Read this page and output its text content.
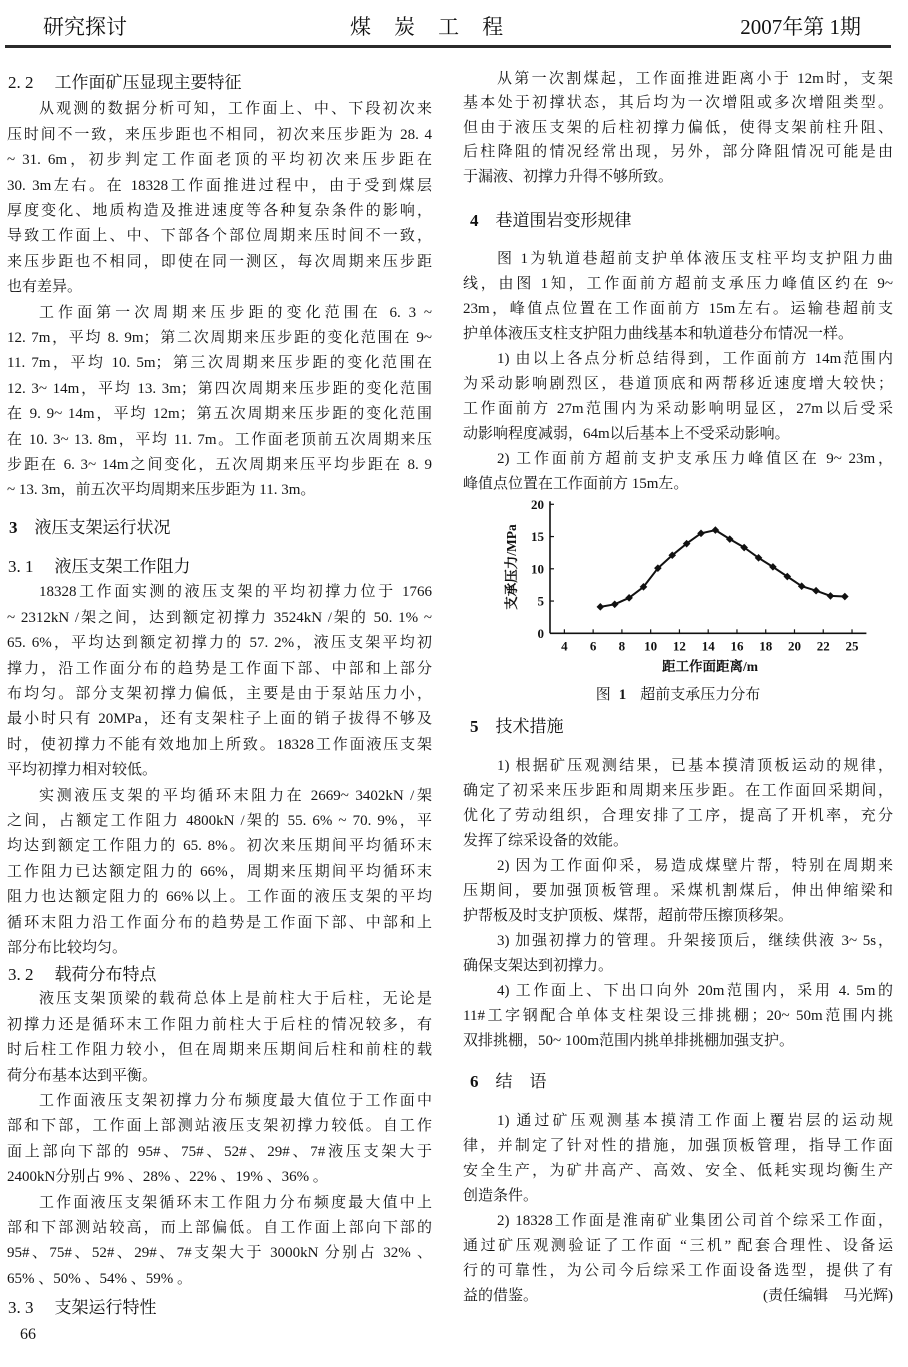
研究探讨	煤 炭 工 程	2007年第 1期
2. 2 工作面矿压显现主要特征
从观测的数据分析可知，工作面上、中、下段初次来
压时间不一致，来压步距也不相同，初次来压步距为 28. 4
~ 31. 6m，初步判定工作面老顶的平均初次来压步距在
30. 3m左右。在 18328工作面推进过程中，由于受到煤层
厚度变化、地质构造及推进速度等各种复杂条件的影响，
导致工作面上、中、下部各个部位周期来压时间不一致，
来压步距也不相同，即使在同一测区，每次周期来压步距
也有差异。
工作面第一次周期来压步距的变化范围在 6. 3 ~
12. 7m，平均 8. 9m；第二次周期来压步距的变化范围在 9~
11. 7m，平均 10. 5m；第三次周期来压步距的变化范围在
12. 3~ 14m，平均 13. 3m；第四次周期来压步距的变化范围
在 9. 9~ 14m，平均 12m；第五次周期来压步距的变化范围
在 10. 3~ 13. 8m，平均 11. 7m。工作面老顶前五次周期来压
步距在 6. 3~ 14m之间变化，五次周期来压平均步距在 8. 9
~ 13. 3m，前五次平均周期来压步距为 11. 3m。
3 液压支架运行状况
3. 1 液压支架工作阻力
18328工作面实测的液压支架的平均初撑力位于 1766
~ 2312kN /架之间，达到额定初撑力 3524kN /架的 50. 1% ~
65. 6%，平均达到额定初撑力的 57. 2%，液压支架平均初
撑力，沿工作面分布的趋势是工作面下部、中部和上部分
布均匀。部分支架初撑力偏低，主要是由于泵站压力小，
最小时只有 20MPa，还有支架柱子上面的销子拔得不够及
时，使初撑力不能有效地加上所致。18328工作面液压支架
平均初撑力相对较低。
实测液压支架的平均循环末阻力在 2669~ 3402kN /架
之间，占额定工作阻力 4800kN /架的 55. 6% ~ 70. 9%，平
均达到额定工作阻力的 65. 8%。初次来压期间平均循环末
工作阻力已达额定阻力的 66%，周期来压期间平均循环末
阻力也达额定阻力的 66%以上。工作面的液压支架的平均
循环末阻力沿工作面分布的趋势是工作面下部、中部和上
部分布比较均匀。
3. 2 载荷分布特点
液压支架顶梁的载荷总体上是前柱大于后柱，无论是
初撑力还是循环末工作阻力前柱大于后柱的情况较多，有
时后柱工作阻力较小，但在周期来压期间后柱和前柱的载
荷分布基本达到平衡。
工作面液压支架初撑力分布频度最大值位于工作面中
部和下部，工作面上部测站液压支架初撑力较低。自工作
面上部向下部的 95#、75#、52#、29#、7#液压支架大于
2400kN分别占 9% 、28% 、22% 、19% 、36% 。
工作面液压支架循环末工作阻力分布频度最大值中上
部和下部测站较高，而上部偏低。自工作面上部向下部的
95#、75#、52#、29#、7#支架大于 3000kN 分别占 32% 、
65% 、50% 、54% 、59% 。
3. 3 支架运行特性
66
从第一次割煤起，工作面推进距离小于 12m时，支架
基本处于初撑状态，其后均为一次增阻或多次增阻类型。
但由于液压支架的后柱初撑力偏低，使得支架前柱升阻、
后柱降阻的情况经常出现，另外，部分降阻情况可能是由
于漏液、初撑力升得不够所致。
4 巷道围岩变形规律
图 1为轨道巷超前支护单体液压支柱平均支护阻力曲
线，由图 1知，工作面前方超前支承压力峰值区约在 9~
23m，峰值点位置在工作面前方 15m左右。运输巷超前支
护单体液压支柱支护阻力曲线基本和轨道巷分布情况一样。
1) 由以上各点分析总结得到，工作面前方 14m范围内
为采动影响剧烈区，巷道顶底和两帮移近速度增大较快；
工作面前方 27m范围内为采动影响明显区，27m以后受采
动影响程度减弱，64m以后基本上不受采动影响。
2) 工作面前方超前支护支承压力峰值区在 9~ 23m，
峰值点位置在工作面前方 15m左。
0
5
10
15
20
4 6 8 10 12 14 16 18 20 22 25
支承压力/MPa
距工作面距离/m
图 1 超前支承压力分布
5 技术措施
1) 根据矿压观测结果，已基本摸清顶板运动的规律，
确定了初采来压步距和周期来压步距。在工作面回采期间，
优化了劳动组织，合理安排了工序，提高了开机率，充分
发挥了综采设备的效能。
2) 因为工作面仰采，易造成煤壁片帮，特别在周期来
压期间，要加强顶板管理。采煤机割煤后，伸出伸缩梁和
护帮板及时支护顶板、煤帮，超前带压擦顶移架。
3) 加强初撑力的管理。升架接顶后，继续供液 3~ 5s，
确保支架达到初撑力。
4) 工作面上、下出口向外 20m范围内，采用 4. 5m的
11#工字钢配合单体支柱架设三排挑棚；20~ 50m范围内挑
双排挑棚，50~ 100m范围内挑单排挑棚加强支护。
6 结　语
1) 通过矿压观测基本摸清工作面上覆岩层的运动规
律，并制定了针对性的措施，加强顶板管理，指导工作面
安全生产，为矿井高产、高效、安全、低耗实现均衡生产
创造条件。
2) 18328工作面是淮南矿业集团公司首个综采工作面，
通过矿压观测验证了工作面 “三机” 配套合理性、设备运
行的可靠性，为公司今后综采工作面设备选型，提供了有
益的借鉴。	(责任编辑　马光辉)
